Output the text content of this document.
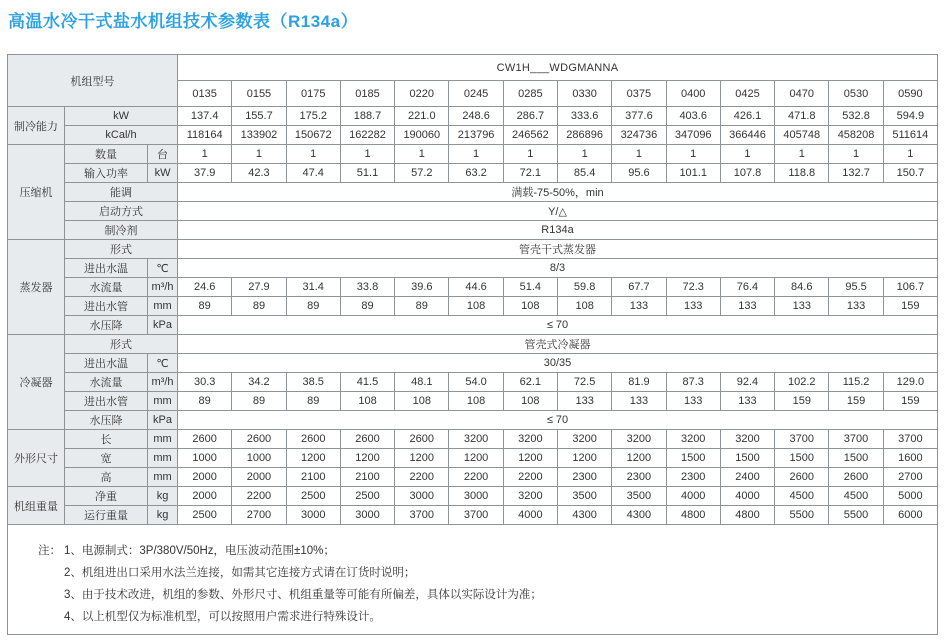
高温水冷干式盐水机组技术参数表（R134a）
机组型号			CW1H___WDGMANNA													
			0135	0155	0175	0185	0220	0245	0285	0330	0375	0400	0425	0470	0530	0590
制冷能力	kW		137.4	155.7	175.2	188.7	221.0	248.6	286.7	333.6	377.6	403.6	426.1	471.8	532.8	594.9
	kCal/h		118164	133902	150672	162282	190060	213796	246562	286896	324736	347096	366446	405748	458208	511614
压缩机	数量	台	1	1	1	1	1	1	1	1	1	1	1	1	1	1
	输入功率	kW	37.9	42.3	47.4	51.1	57.2	63.2	72.1	85.4	95.6	101.1	107.8	118.8	132.7	150.7
	能调		满载-75-50%，min													
	启动方式		Y/△													
	制冷剂		R134a													
蒸发器	形式		管壳干式蒸发器													
	进出水温	℃	8/3													
	水流量	m³/h	24.6	27.9	31.4	33.8	39.6	44.6	51.4	59.8	67.7	72.3	76.4	84.6	95.5	106.7
	进出水管	mm	89	89	89	89	89	108	108	108	133	133	133	133	133	159
	水压降	kPa	≤ 70													
冷凝器	形式		管壳式冷凝器													
	进出水温	℃	30/35													
	水流量	m³/h	30.3	34.2	38.5	41.5	48.1	54.0	62.1	72.5	81.9	87.3	92.4	102.2	115.2	129.0
	进出水管	mm	89	89	89	108	108	108	108	133	133	133	133	159	159	159
	水压降	kPa	≤ 70													
外形尺寸	长	mm	2600	2600	2600	2600	2600	3200	3200	3200	3200	3200	3200	3700	3700	3700
	宽	mm	1000	1000	1200	1200	1200	1200	1200	1200	1200	1500	1500	1500	1500	1600
	高	mm	2000	2000	2100	2100	2200	2200	2200	2300	2300	2300	2400	2600	2600	2700
机组重量	净重	kg	2000	2200	2500	2500	3000	3000	3200	3500	3500	4000	4000	4500	4500	5000
	运行重量	kg	2500	2700	3000	3000	3700	3700	4000	4300	4300	4800	4800	5500	5500	6000
注： 1、电源制式：3P/380V/50Hz，电压波动范围±10%；
2、机组进出口采用水法兰连接，如需其它连接方式请在订货时说明；
3、由于技术改进，机组的参数、外形尺寸、机组重量等可能有所偏差，具体以实际设计为准；
4、以上机型仅为标准机型，可以按照用户需求进行特殊设计。
